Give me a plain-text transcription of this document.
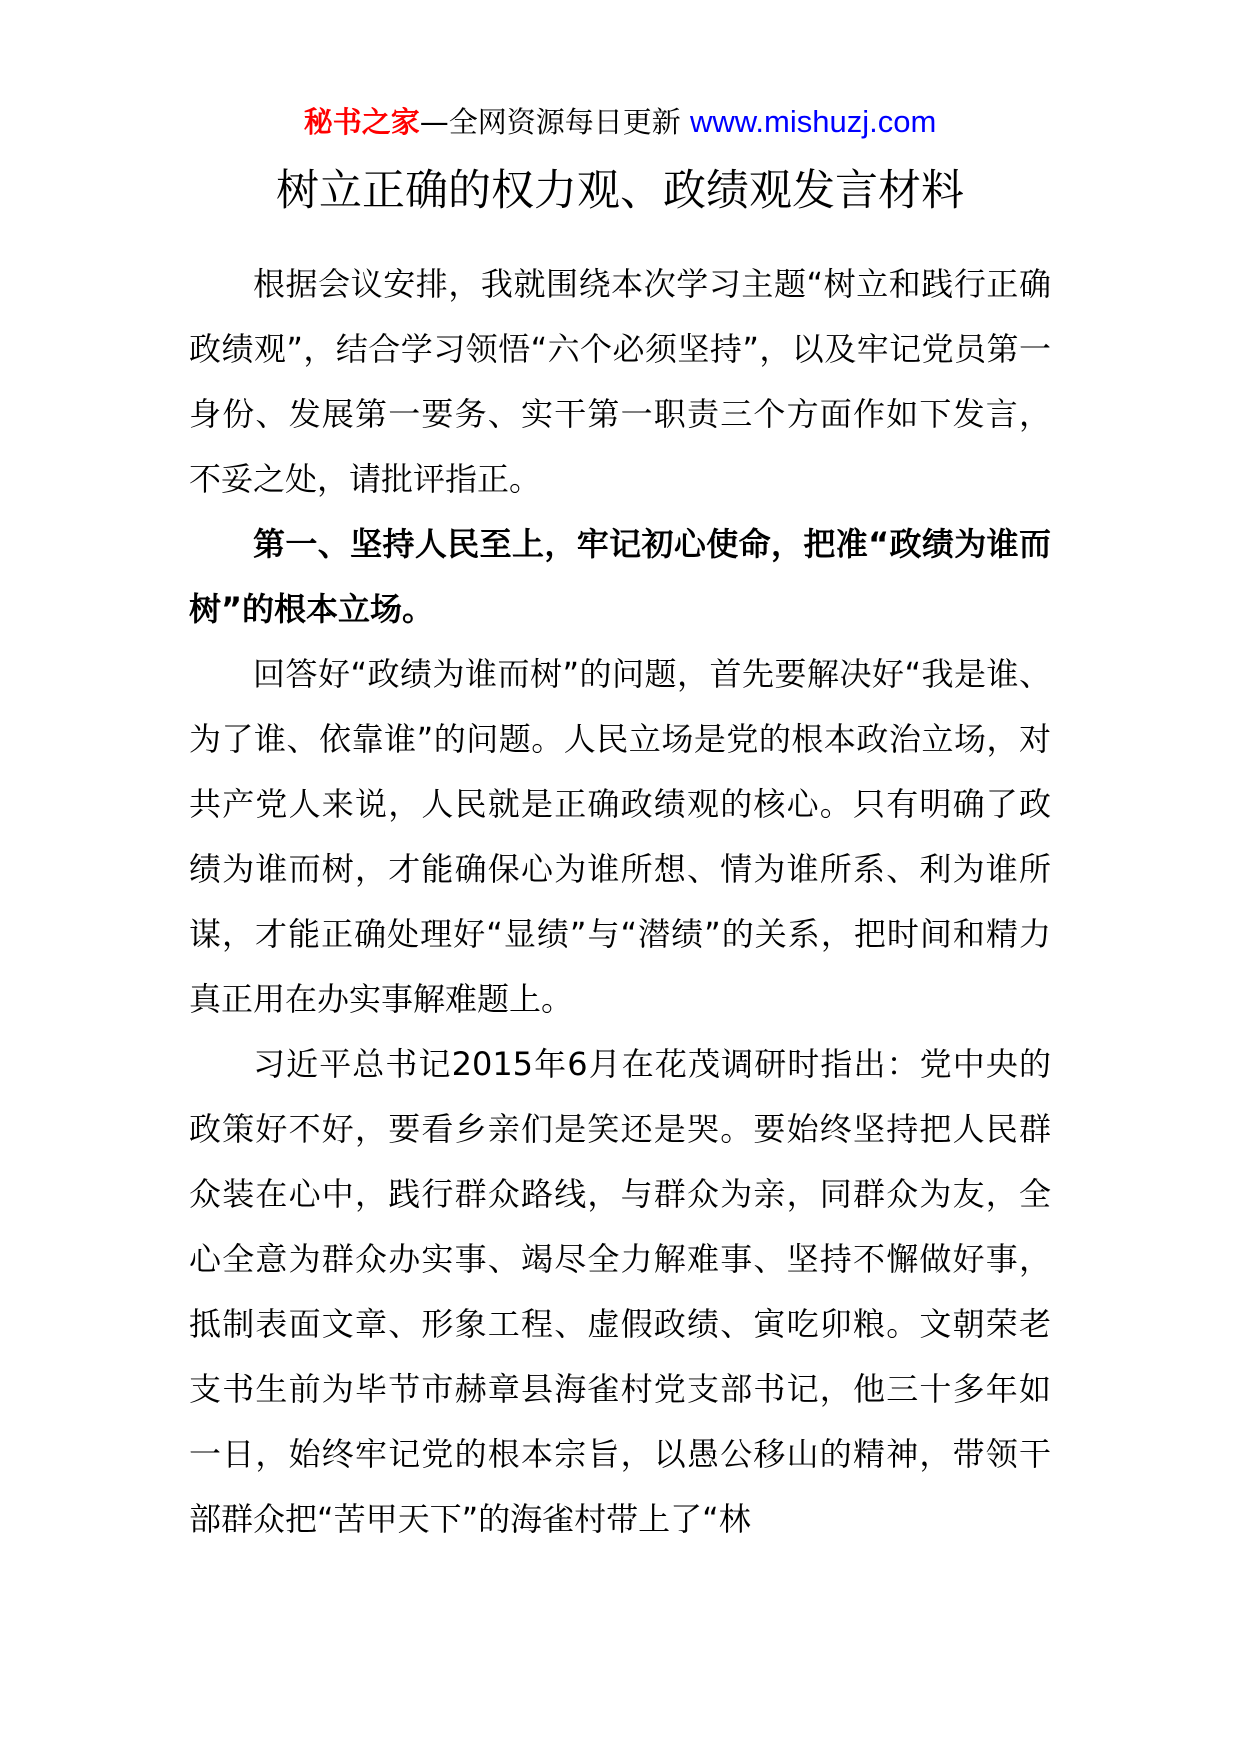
秘书之家—全网资源每日更新 www.mishuzj.com
树立正确的权力观、政绩观发言材料

根据会议安排，我就围绕本次学习主题“树立和践行正确政绩观”，结合学习领悟“六个必须坚持”，以及牢记党员第一身份、发展第一要务、实干第一职责三个方面作如下发言，不妥之处，请批评指正。

第一、坚持人民至上，牢记初心使命，把准“政绩为谁而树”的根本立场。

回答好“政绩为谁而树”的问题，首先要解决好“我是谁、为了谁、依靠谁”的问题。人民立场是党的根本政治立场，对共产党人来说，人民就是正确政绩观的核心。只有明确了政绩为谁而树，才能确保心为谁所想、情为谁所系、利为谁所谋，才能正确处理好“显绩”与“潜绩”的关系，把时间和精力真正用在办实事解难题上。

习近平总书记2015年6月在花茂调研时指出：党中央的政策好不好，要看乡亲们是笑还是哭。要始终坚持把人民群众装在心中，践行群众路线，与群众为亲，同群众为友，全心全意为群众办实事、竭尽全力解难事、坚持不懈做好事，抵制表面文章、形象工程、虚假政绩、寅吃卯粮。文朝荣老支书生前为毕节市赫章县海雀村党支部书记，他三十多年如一日，始终牢记党的根本宗旨，以愚公移山的精神，带领干部群众把“苦甲天下”的海雀村带上了“林
